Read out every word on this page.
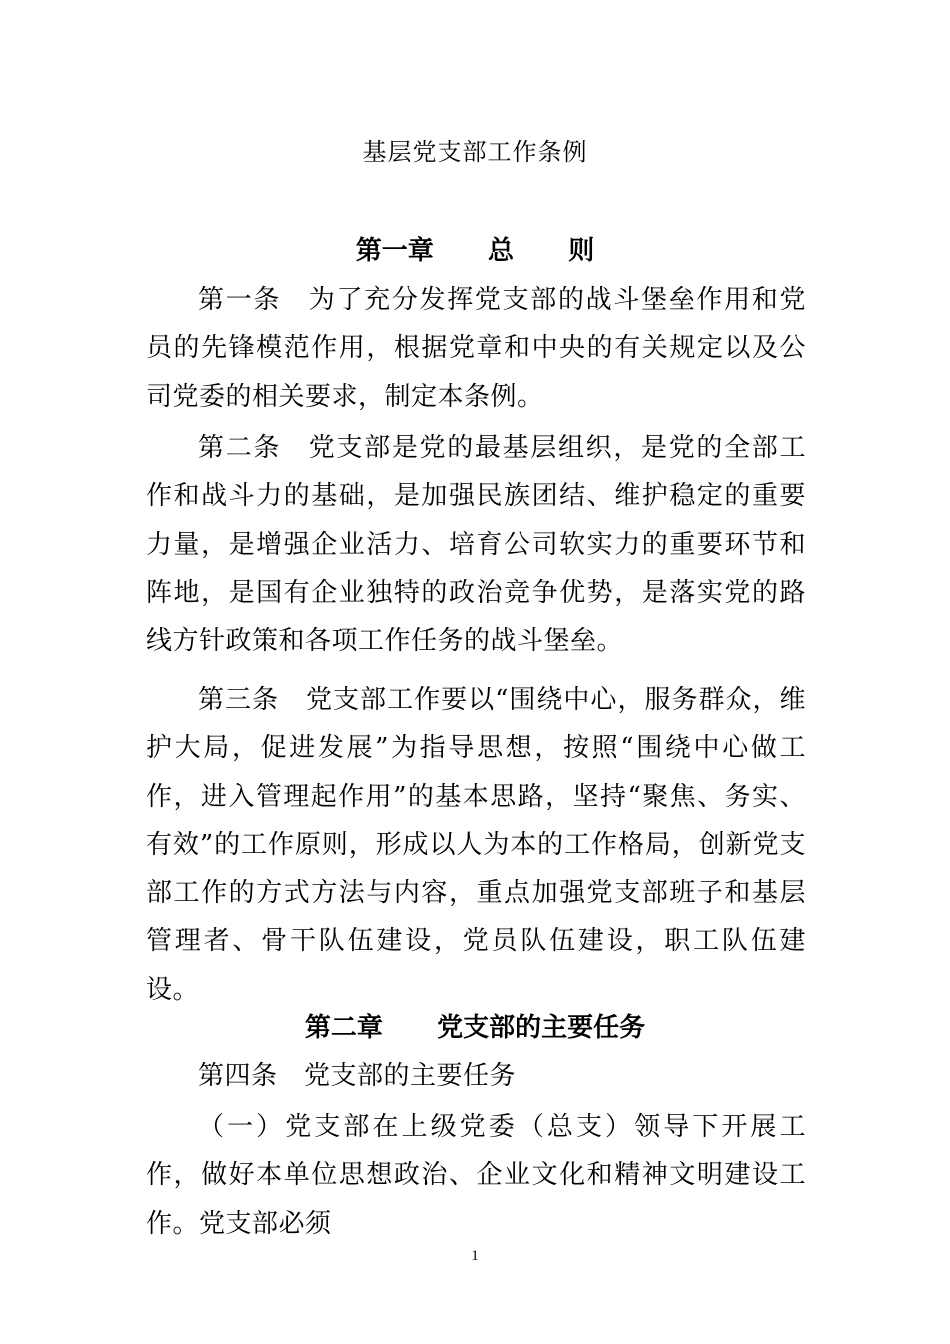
基层党支部工作条例
第一章      总      则

第一条　为了充分发挥党支部的战斗堡垒作用和党员的先锋模范作用，根据党章和中央的有关规定以及公司党委的相关要求，制定本条例。

第二条　党支部是党的最基层组织，是党的全部工作和战斗力的基础，是加强民族团结、维护稳定的重要力量，是增强企业活力、培育公司软实力的重要环节和阵地，是国有企业独特的政治竞争优势，是落实党的路线方针政策和各项工作任务的战斗堡垒。

第三条　党支部工作要以“围绕中心，服务群众，维护大局，促进发展”为指导思想，按照“围绕中心做工作，进入管理起作用”的基本思路，坚持“聚焦、务实、有效”的工作原则，形成以人为本的工作格局，创新党支部工作的方式方法与内容，重点加强党支部班子和基层管理者、骨干队伍建设，党员队伍建设，职工队伍建设。

第二章      党支部的主要任务

第四条　党支部的主要任务

（一）党支部在上级党委（总支）领导下开展工作，做好本单位思想政治、企业文化和精神文明建设工作。党支部必须

1
